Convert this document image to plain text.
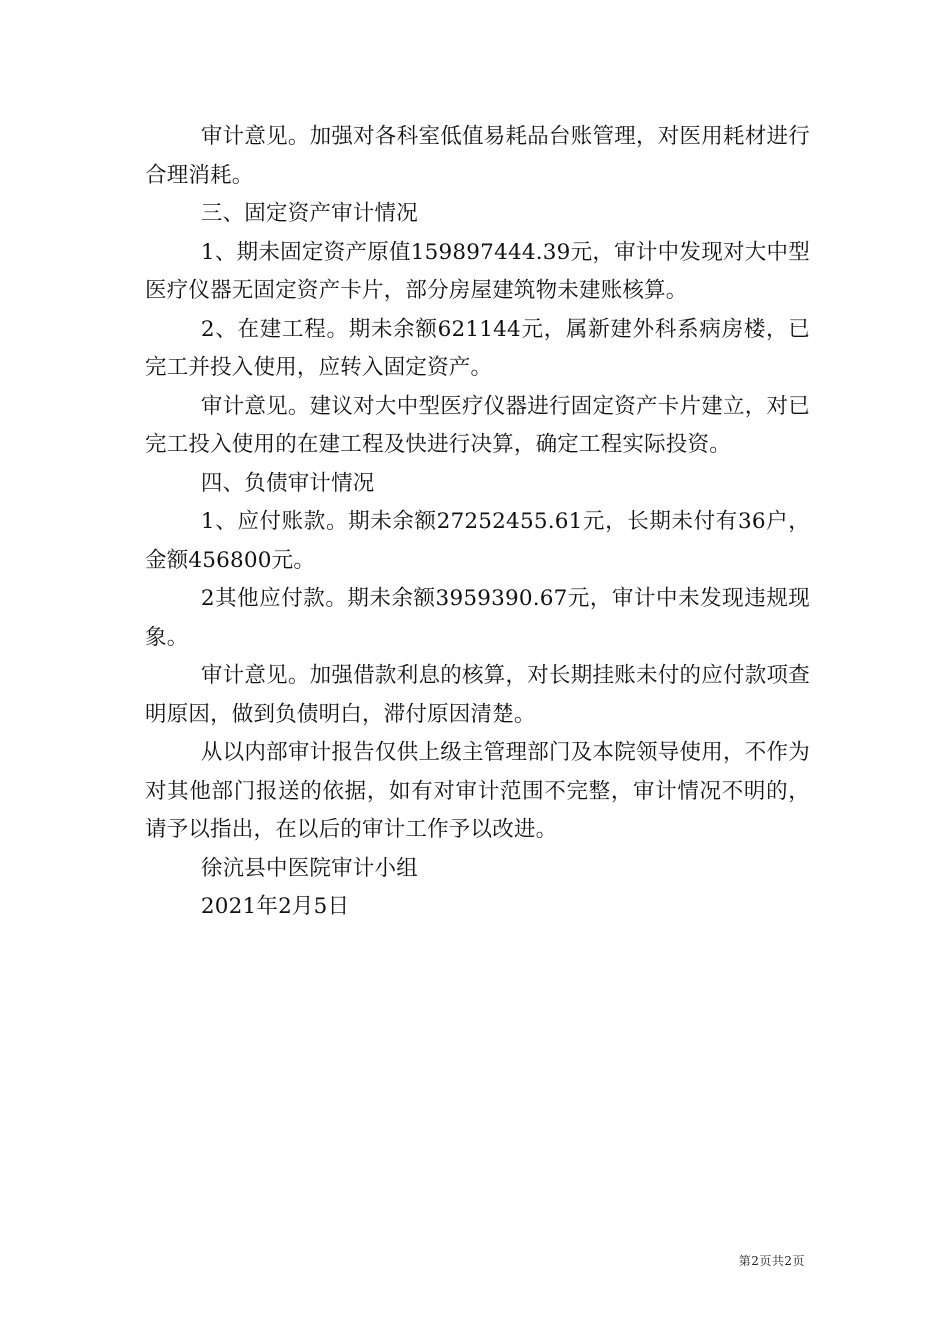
审计意见。加强对各科室低值易耗品台账管理，对医用耗材进行合理消耗。

三、固定资产审计情况

1、期未固定资产原值159897444.39元，审计中发现对大中型医疗仪器无固定资产卡片，部分房屋建筑物未建账核算。

2、在建工程。期未余额621144元，属新建外科系病房楼，已完工并投入使用，应转入固定资产。

审计意见。建议对大中型医疗仪器进行固定资产卡片建立，对已完工投入使用的在建工程及快进行决算，确定工程实际投资。

四、负债审计情况

1、应付账款。期未余额27252455.61元，长期未付有36户，金额456800元。

2其他应付款。期未余额3959390.67元，审计中未发现违规现象。

审计意见。加强借款利息的核算，对长期挂账未付的应付款项查明原因，做到负债明白，滞付原因清楚。

从以内部审计报告仅供上级主管理部门及本院领导使用，不作为对其他部门报送的依据，如有对审计范围不完整，审计情况不明的，请予以指出，在以后的审计工作予以改进。

徐沆县中医院审计小组

2021年2月5日

第2页共2页
